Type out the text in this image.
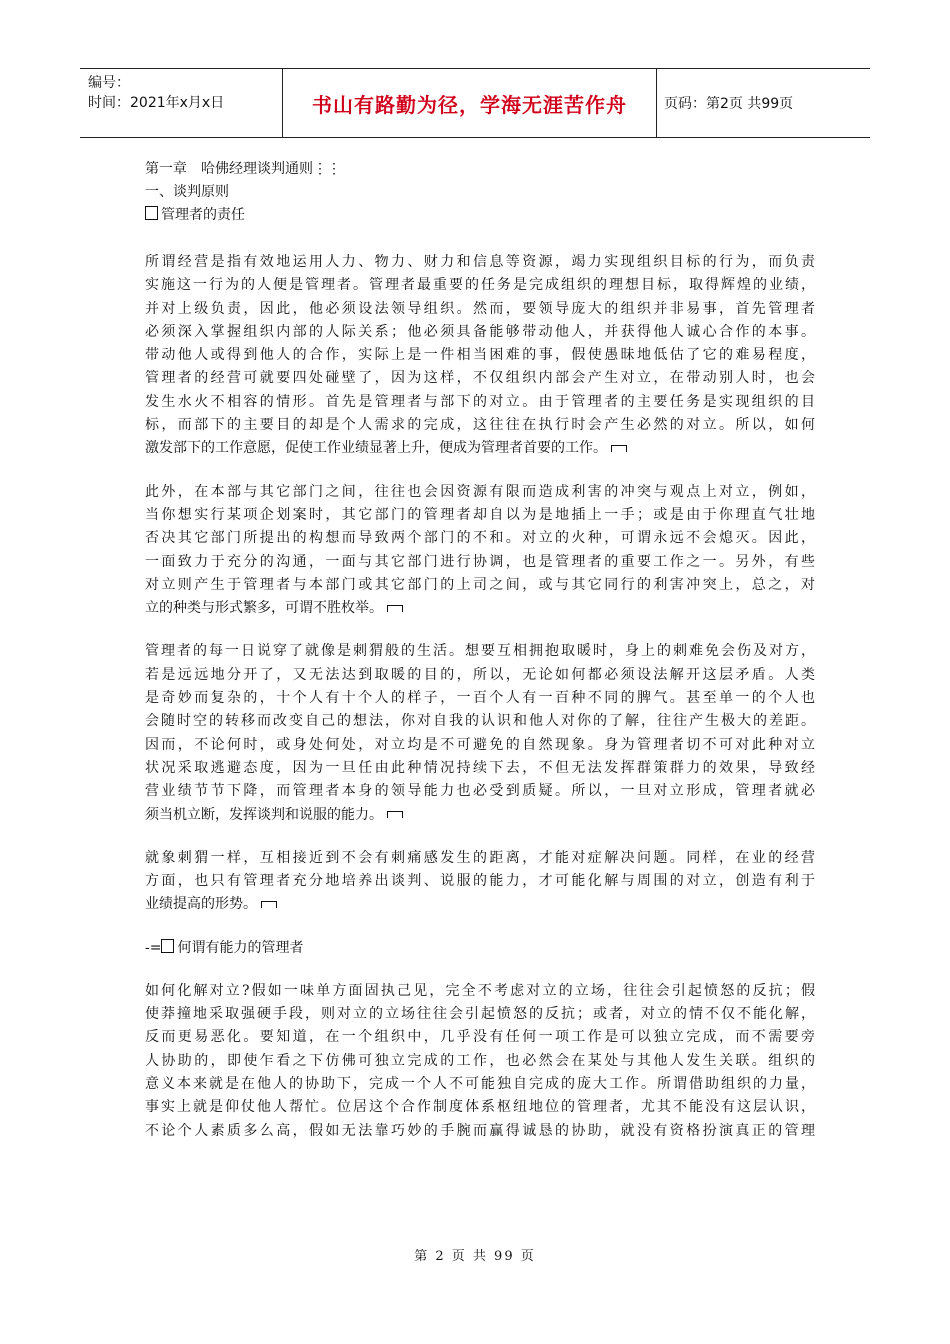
编号：
时间：2021年x月x日	书山有路勤为径，学海无涯苦作舟	页码：第2页 共99页
第一章　哈佛经理谈判通则⋮⋮
一、谈判原则
管理者的责任
所谓经营是指有效地运用人力、物力、财力和信息等资源，竭力实现组织目标的行为，而负责
实施这一行为的人便是管理者。管理者最重要的任务是完成组织的理想目标，取得辉煌的业绩，
并对上级负责，因此，他必须设法领导组织。然而，要领导庞大的组织并非易事，首先管理者
必须深入掌握组织内部的人际关系；他必须具备能够带动他人，并获得他人诚心合作的本事。
带动他人或得到他人的合作，实际上是一件相当困难的事，假使愚昧地低估了它的难易程度，
管理者的经营可就要四处碰壁了，因为这样，不仅组织内部会产生对立，在带动别人时，也会
发生水火不相容的情形。首先是管理者与部下的对立。由于管理者的主要任务是实现组织的目
标，而部下的主要目的却是个人需求的完成，这往往在执行时会产生必然的对立。所以，如何
激发部下的工作意愿，促使工作业绩显著上升，便成为管理者首要的工作。
此外，在本部与其它部门之间，往往也会因资源有限而造成利害的冲突与观点上对立，例如，
当你想实行某项企划案时，其它部门的管理者却自以为是地插上一手；或是由于你理直气壮地
否决其它部门所提出的构想而导致两个部门的不和。对立的火种，可谓永远不会熄灭。因此，
一面致力于充分的沟通，一面与其它部门进行协调，也是管理者的重要工作之一。另外，有些
对立则产生于管理者与本部门或其它部门的上司之间，或与其它同行的利害冲突上，总之，对
立的种类与形式繁多，可谓不胜枚举。
管理者的每一日说穿了就像是刺猬般的生活。想要互相拥抱取暖时，身上的刺难免会伤及对方，
若是远远地分开了，又无法达到取暖的目的，所以，无论如何都必须设法解开这层矛盾。人类
是奇妙而复杂的，十个人有十个人的样子，一百个人有一百种不同的脾气。甚至单一的个人也
会随时空的转移而改变自己的想法，你对自我的认识和他人对你的了解，往往产生极大的差距。
因而，不论何时，或身处何处，对立均是不可避免的自然现象。身为管理者切不可对此种对立
状况采取逃避态度，因为一旦任由此种情况持续下去，不但无法发挥群策群力的效果，导致经
营业绩节节下降，而管理者本身的领导能力也必受到质疑。所以，一旦对立形成，管理者就必
须当机立断，发挥谈判和说服的能力。
就象刺猬一样，互相接近到不会有刺痛感发生的距离，才能对症解决问题。同样，在业的经营
方面，也只有管理者充分地培养出谈判、说服的能力，才可能化解与周围的对立，创造有利于
业绩提高的形势。
-= 何谓有能力的管理者
如何化解对立?假如一味单方面固执己见，完全不考虑对立的立场，往往会引起愤怒的反抗；假
使莽撞地采取强硬手段，则对立的立场往往会引起愤怒的反抗；或者，对立的情不仅不能化解，
反而更易恶化。要知道，在一个组织中，几乎没有任何一项工作是可以独立完成，而不需要旁
人协助的，即使乍看之下仿佛可独立完成的工作，也必然会在某处与其他人发生关联。组织的
意义本来就是在他人的协助下，完成一个人不可能独自完成的庞大工作。所谓借助组织的力量，
事实上就是仰仗他人帮忙。位居这个合作制度体系枢纽地位的管理者，尤其不能没有这层认识，
不论个人素质多么高，假如无法靠巧妙的手腕而赢得诚恳的协助，就没有资格扮演真正的管理
第 2 页 共 99 页
